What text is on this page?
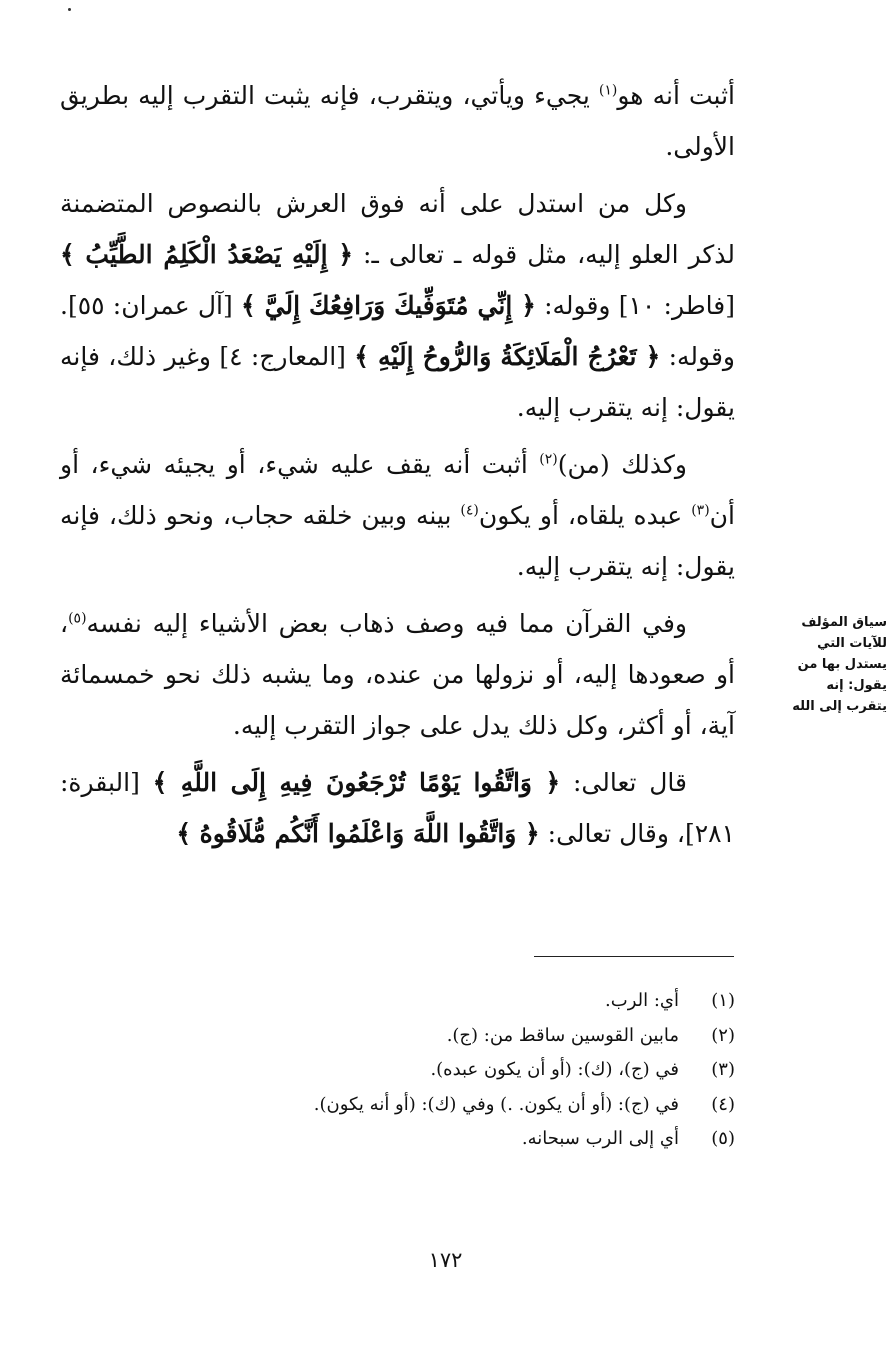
أثبت أنه هو$^{(١)}$ يجيء ويأتي، ويتقرب، فإنه يثبت التقرب إليه بطريق الأولى.

وكل من استدل على أنه فوق العرش بالنصوص المتضمنة لذكر العلو إليه، مثل قوله ـ تعالى ـ: ﴿ إِلَيْهِ يَصْعَدُ الْكَلِمُ الطَّيِّبُ ﴾ [فاطر: ١٠] وقوله: ﴿ إِنِّي مُتَوَفِّيكَ وَرَافِعُكَ إِلَيَّ ﴾ [آل عمران: ٥٥]. وقوله: ﴿ تَعْرُجُ الْمَلَائِكَةُ وَالرُّوحُ إِلَيْهِ ﴾ [المعارج: ٤] وغير ذلك، فإنه يقول: إنه يتقرب إليه.

وكذلك (من)$^{(٢)}$ أثبت أنه يقف عليه شيء، أو يجيئه شيء، أو أن$^{(٣)}$ عبده يلقاه، أو يكون$^{(٤)}$ بينه وبين خلقه حجاب، ونحو ذلك، فإنه يقول: إنه يتقرب إليه.

وفي القرآن مما فيه وصف ذهاب بعض الأشياء إليه نفسه$^{(٥)}$، أو صعودها إليه، أو نزولها من عنده، وما يشبه ذلك نحو خمسمائة آية، أو أكثر، وكل ذلك يدل على جواز التقرب إليه.

قال تعالى: ﴿ وَاتَّقُوا يَوْمًا تُرْجَعُونَ فِيهِ إِلَى اللَّهِ ﴾ [البقرة: ٢٨١]، وقال تعالى: ﴿ وَاتَّقُوا اللَّهَ وَاعْلَمُوا أَنَّكُم مُّلَاقُوهُ ﴾

سياق المؤلف
للآيات التي
يستدل بها من
يقول: إنه
يتقرب إلى الله
(١)
أي: الرب.
(٢)
مابين القوسين ساقط من: (ج).
(٣)
في (ج)، (ك): (أو أن يكون عبده).
(٤)
في (ج): (أو أن يكون. .) وفي (ك): (أو أنه يكون).
(٥)
أي إلى الرب سبحانه.
١٧٢
